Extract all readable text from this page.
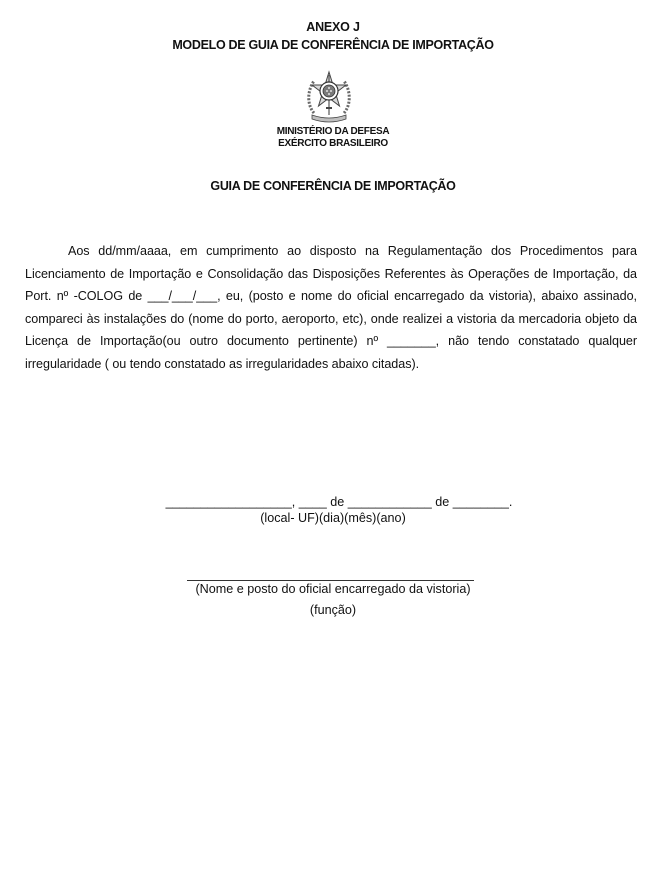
ANEXO J
MODELO DE GUIA DE CONFERÊNCIA DE IMPORTAÇÃO
MINISTÉRIO DA DEFESA
EXÉRCITO BRASILEIRO
GUIA DE CONFERÊNCIA DE IMPORTAÇÃO

Aos dd/mm/aaaa, em cumprimento ao disposto na Regulamentação dos Procedimentos para Licenciamento de Importação e Consolidação das Disposições Referentes às Operações de Importação, da Port. nº -COLOG de ___/___/___, eu, (posto e nome do oficial encarregado da vistoria), abaixo assinado, compareci às instalações do (nome do porto, aeroporto, etc), onde realizei a vistoria da mercadoria objeto da Licença de Importação(ou outro documento pertinente) nº _______, não tendo constatado qualquer irregularidade ( ou tendo constatado as irregularidades abaixo citadas).

__________________, ____ de ____________ de ________.
(local- UF)(dia)(mês)(ano)
(Nome e posto do oficial encarregado da vistoria)
(função)
